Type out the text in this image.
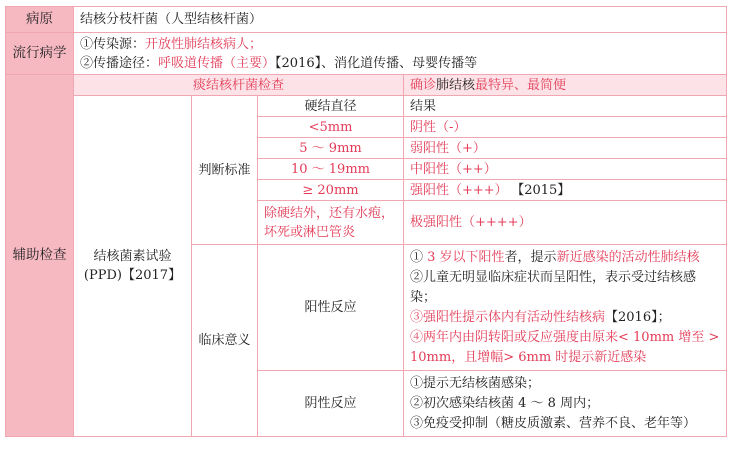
病原	结核分枝杆菌（人型结核杆菌）			
流行病学	①传染源：开放性肺结核病人；
②传播途径：呼吸道传播（主要）【2016】、消化道传播、母婴传播等			

辅助检查	痰结核杆菌检查			确诊肺结核最特异、最简便

	结核菌素试验
(PPD)【2017】	判断标准	硬结直径	结果
			<5mm	阴性（-）
			5 ～ 9mm	弱阳性（+）
			10 ～ 19mm	中阳性（++）
			≥ 20mm	强阳性（+++） 【2015】
			除硬结外，还有水疱，坏死或淋巴管炎	极强阳性（++++）
		临床意义	阳性反应	① 3 岁以下阳性者，提示新近感染的活动性肺结核
②儿童无明显临床症状而呈阳性，表示受过结核感染；
③强阳性提示体内有活动性结核病【2016】；
④两年内由阴转阳或反应强度由原来< 10mm 增至 > 10mm，且增幅> 6mm 时提示新近感染

			阴性反应	①提示无结核菌感染；
②初次感染结核菌 4 ～ 8 周内；
③免疫受抑制（糖皮质激素、营养不良、老年等）
